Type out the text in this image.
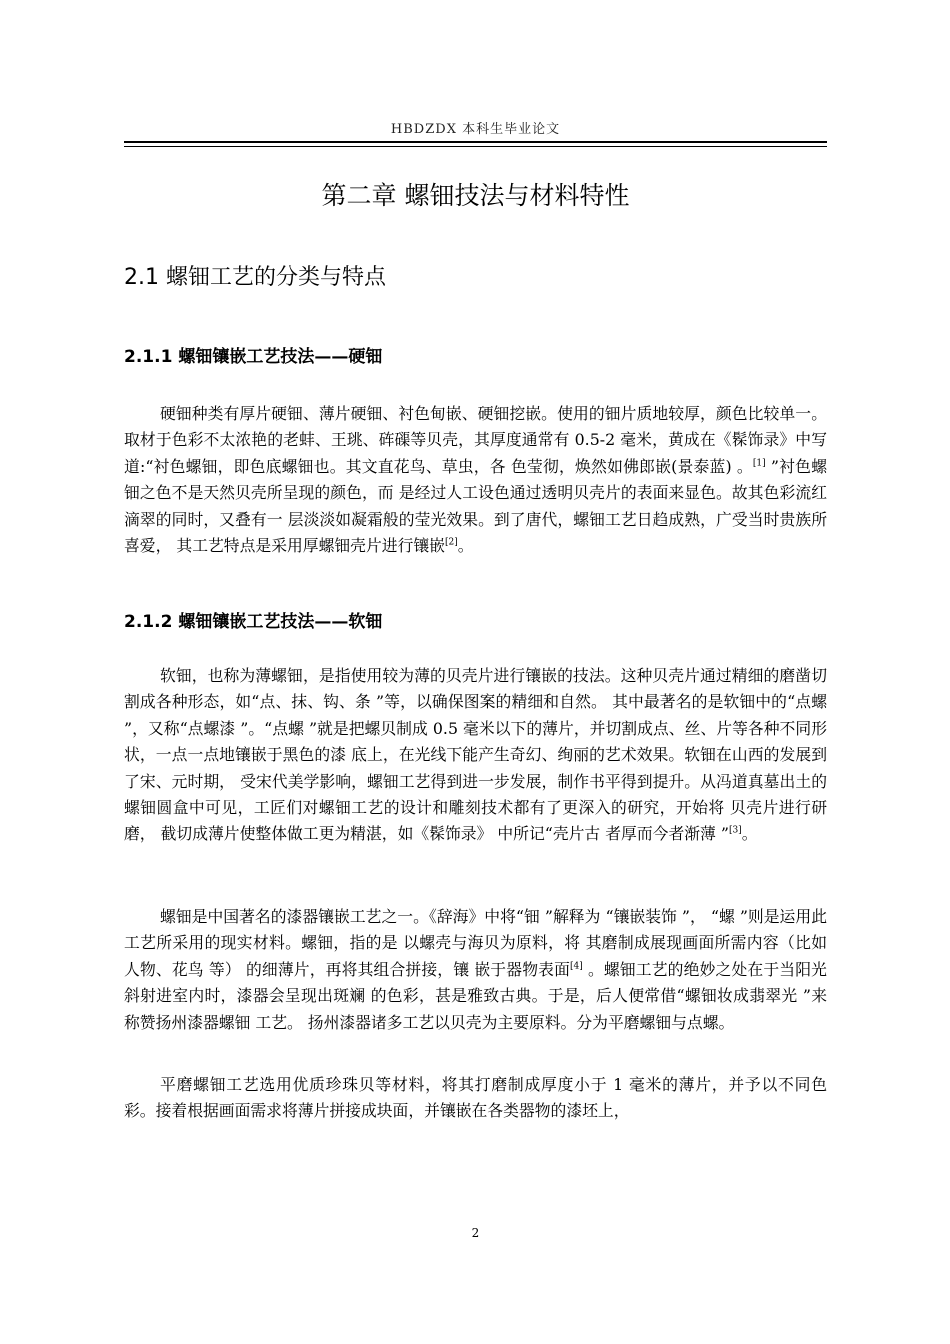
HBDZDX 本科生毕业论文
第二章 螺钿技法与材料特性
2.1 螺钿工艺的分类与特点
2.1.1 螺钿镶嵌工艺技法——硬钿
硬钿种类有厚片硬钿、薄片硬钿、衬色甸嵌、硬钿挖嵌。使用的钿片质地较厚，颜色比较单一。取材于色彩不太浓艳的老蚌、王珧、砗磲等贝壳，其厚度通常有 0.5-2 毫米，黄成在《髹饰录》中写道:“衬色螺钿，即色底螺钿也。其文直花鸟、草虫，各 色莹彻，焕然如佛郎嵌(景泰蓝) 。[1] ”衬色螺钿之色不是天然贝壳所呈现的颜色，而 是经过人工设色通过透明贝壳片的表面来显色。故其色彩流红滴翠的同时，又叠有一 层淡淡如凝霜般的莹光效果。到了唐代，螺钿工艺日趋成熟，广受当时贵族所喜爱， 其工艺特点是采用厚螺钿壳片进行镶嵌[2]。
2.1.2 螺钿镶嵌工艺技法——软钿
软钿，也称为薄螺钿，是指使用较为薄的贝壳片进行镶嵌的技法。这种贝壳片通过精细的磨凿切割成各种形态，如“点、抹、钩、条 ”等，以确保图案的精细和自然。 其中最著名的是软钿中的“点螺 ”，又称“点螺漆 ”。“点螺 ”就是把螺贝制成 0.5 毫米以下的薄片，并切割成点、丝、片等各种不同形状，一点一点地镶嵌于黑色的漆 底上，在光线下能产生奇幻、绚丽的艺术效果。软钿在山西的发展到了宋、元时期， 受宋代美学影响，螺钿工艺得到进一步发展，制作书平得到提升。从冯道真墓出土的 螺钿圆盒中可见，工匠们对螺钿工艺的设计和雕刻技术都有了更深入的研究，开始将 贝壳片进行研磨， 截切成薄片使整体做工更为精湛，如《髹饰录》 中所记“壳片古 者厚而今者渐薄 ”[3]。
螺钿是中国著名的漆器镶嵌工艺之一。《辞海》中将“钿 ”解释为 “镶嵌装饰 ”， “螺 ”则是运用此工艺所采用的现实材料。螺钿，指的是 以螺壳与海贝为原料，将 其磨制成展现画面所需内容（比如人物、花鸟 等） 的细薄片，再将其组合拼接，镶 嵌于器物表面[4] 。螺钿工艺的绝妙之处在于当阳光斜射进室内时，漆器会呈现出斑斓 的色彩，甚是雅致古典。于是，后人便常借“螺钿妆成翡翠光 ”来称赞扬州漆器螺钿 工艺。 扬州漆器诸多工艺以贝壳为主要原料。分为平磨螺钿与点螺。
平磨螺钿工艺选用优质珍珠贝等材料，将其打磨制成厚度小于 1 毫米的薄片，并予以不同色彩。接着根据画面需求将薄片拼接成块面，并镶嵌在各类器物的漆坯上，
2
